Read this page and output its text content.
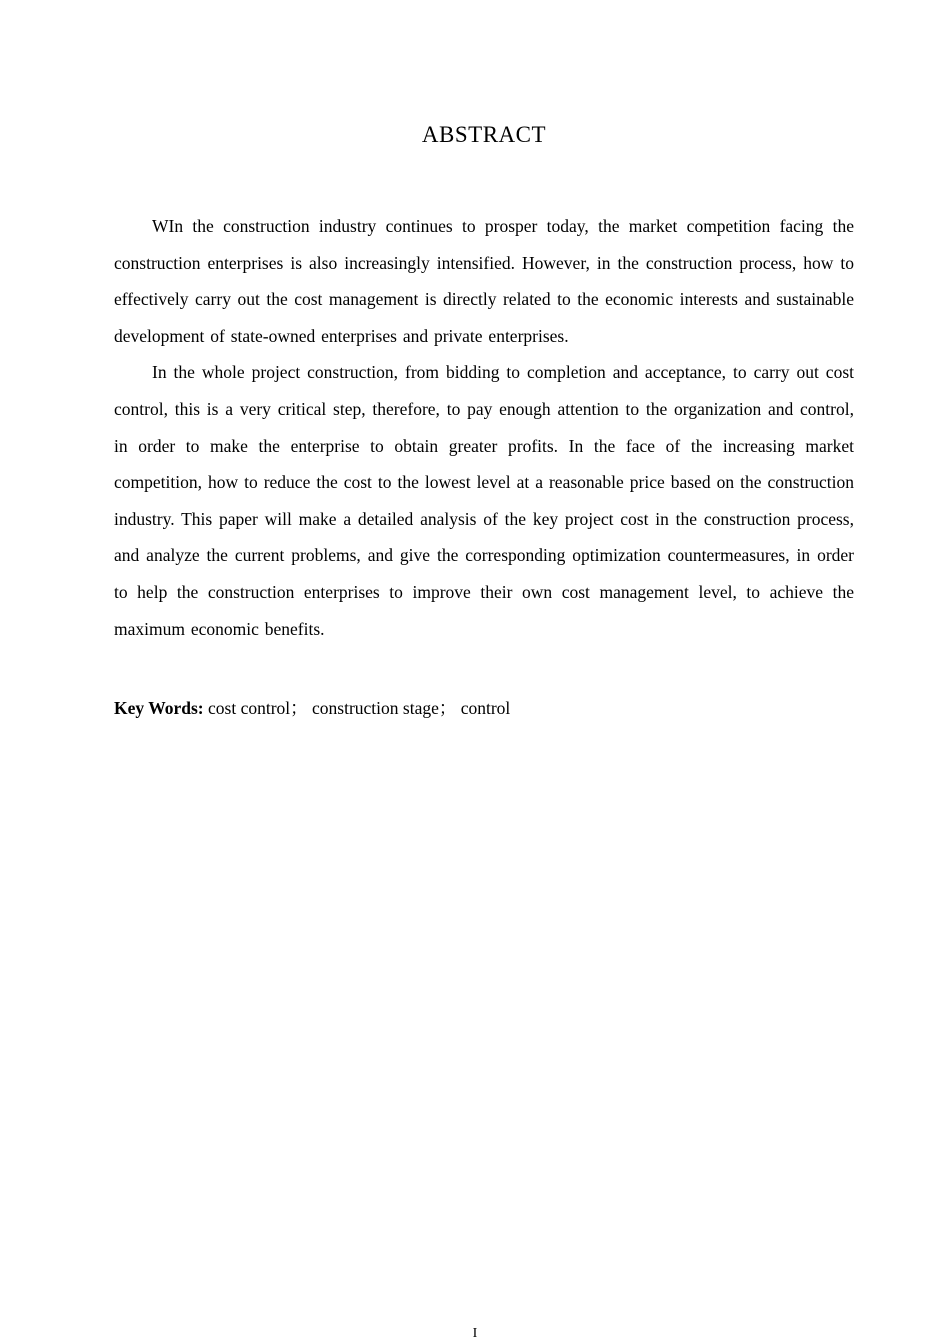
ABSTRACT

WIn the construction industry continues to prosper today, the market competition facing the construction enterprises is also increasingly intensified. However, in the construction process, how to effectively carry out the cost management is directly related to the economic interests and sustainable development of state-owned enterprises and private enterprises.

In the whole project construction, from bidding to completion and acceptance, to carry out cost control, this is a very critical step, therefore, to pay enough attention to the organization and control, in order to make the enterprise to obtain greater profits. In the face of the increasing market competition, how to reduce the cost to the lowest level at a reasonable price based on the construction industry. This paper will make a detailed analysis of the key project cost in the construction process, and analyze the current problems, and give the corresponding optimization countermeasures, in order to help the construction enterprises to improve their own cost management level, to achieve the maximum economic benefits.

Key Words: cost control； construction stage； control
I
